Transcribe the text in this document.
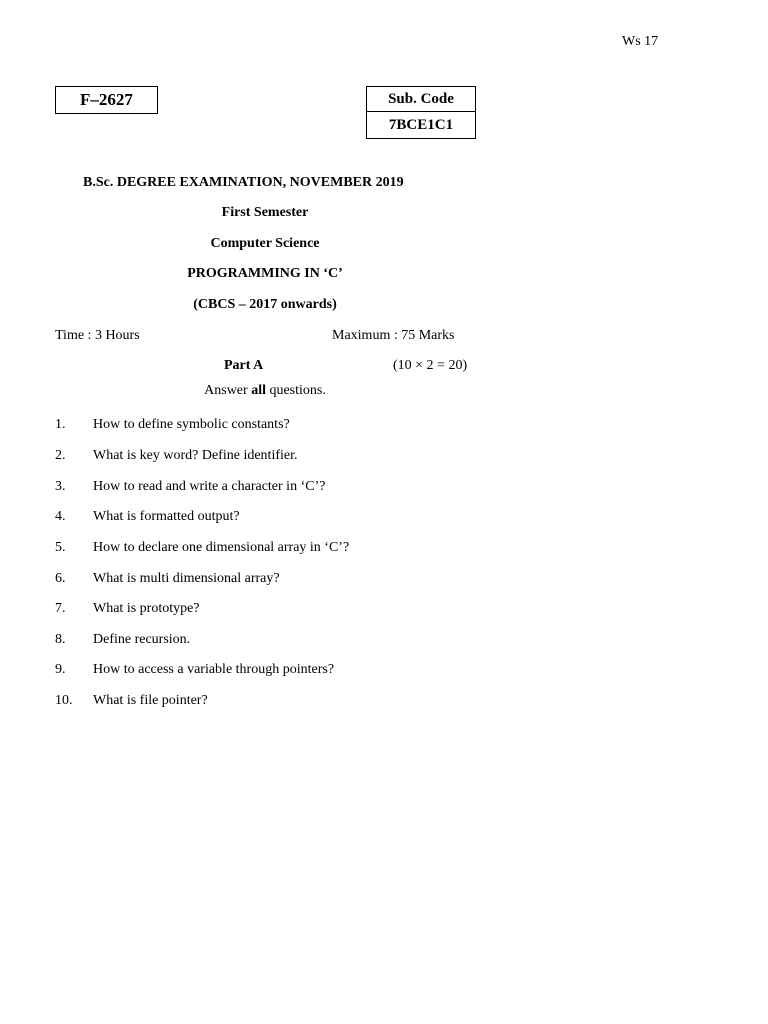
Ws 17
F–2627	Sub. Code
7BCE1C1
B.Sc. DEGREE EXAMINATION, NOVEMBER 2019
First Semester
Computer Science
PROGRAMMING IN ‘C’
(CBCS – 2017 onwards)
Time : 3 Hours	Maximum : 75 Marks
Part A	(10 × 2 = 20)
Answer all questions.
1. How to define symbolic constants?
2. What is key word? Define identifier.
3. How to read and write a character in ‘C’?
4. What is formatted output?
5. How to declare one dimensional array in ‘C’?
6. What is multi dimensional array?
7. What is prototype?
8. Define recursion.
9. How to access a variable through pointers?
10. What is file pointer?
